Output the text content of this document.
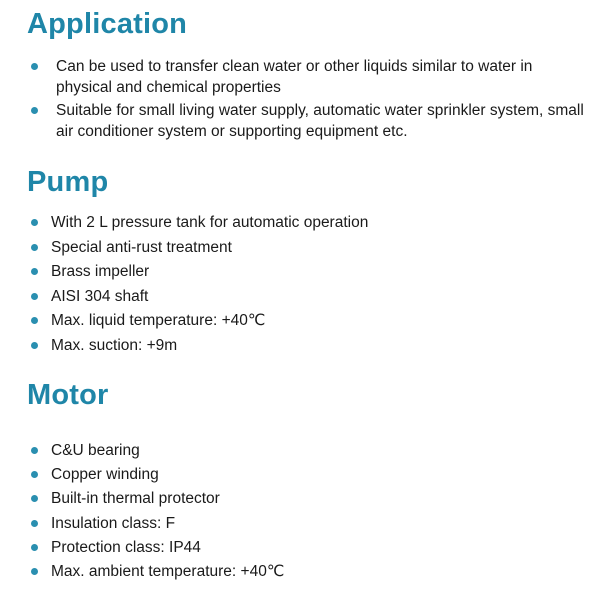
Application
Can be used to transfer clean water or other liquids similar to water in physical and chemical properties
Suitable for small living water supply, automatic water sprinkler system, small air conditioner system or supporting equipment etc.
Pump
With 2 L pressure tank for automatic operation
Special anti-rust treatment
Brass impeller
AISI 304 shaft
Max. liquid temperature: +40℃
Max. suction: +9m
Motor
C&U bearing
Copper winding
Built-in thermal protector
Insulation class: F
Protection class: IP44
Max. ambient temperature: +40℃
